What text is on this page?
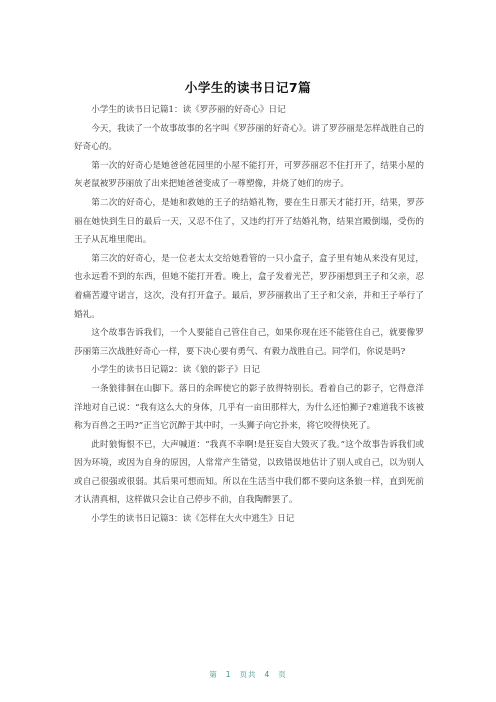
小学生的读书日记7篇

小学生的读书日记篇1：读《罗莎丽的好奇心》日记

今天，我读了一个故事故事的名字叫《罗莎丽的好奇心》。讲了罗莎丽是怎样战胜自己的好奇心的。

第一次的好奇心是她爸爸花园里的小屋不能打开，可罗莎丽忍不住打开了，结果小屋的灰老鼠被罗莎丽放了出来把她爸爸变成了一尊塑像，并烧了她们的房子。

第二次的好奇心，是她和救她的王子的结婚礼物，要在生日那天才能打开，结果，罗莎丽在她快到生日的最后一天，又忍不住了，又违约打开了结婚礼物，结果宫殿倒塌，受伤的王子从瓦堆里爬出。

第三次的好奇心，是一位老太太交给她看管的一只小盒子，盒子里有她从来没有见过，也永远看不到的东西，但她不能打开看。晚上，盒子发着光芒，罗莎丽想到王子和父亲，忍着痛苦遵守诺言，这次，没有打开盒子。最后，罗莎丽救出了王子和父亲，并和王子举行了婚礼。

这个故事告诉我们，一个人要能自己管住自己，如果你现在还不能管住自己，就要像罗莎丽第三次战胜好奇心一样，要下决心要有勇气、有毅力战胜自己。同学们，你说是吗?

小学生的读书日记篇2：读《狼的影子》日记

一条狼徘徊在山脚下。落日的余晖使它的影子放得特别长。看着自己的影子，它得意洋洋地对自己说：“我有这么大的身体，几乎有一亩田那样大，为什么还怕狮子?难道我不该被称为百兽之王吗?”正当它沉醉于其中时，一头狮子向它扑来，将它咬得快死了。

此时狼悔恨不已，大声喊道：“我真不幸啊!是狂妄自大毁灭了我。”这个故事告诉我们或因为环境，或因为自身的原因，人常常产生错觉，以致错误地估计了别人或自己，以为别人或自己很强或很弱。其后果可想而知。所以在生活当中我们都不要向这条狼一样，直到死前才认清真相，这样做只会让自己停步不前，自我陶醉罢了。

小学生的读书日记篇3：读《怎样在大火中逃生》日记

第 1 页共 4 页
